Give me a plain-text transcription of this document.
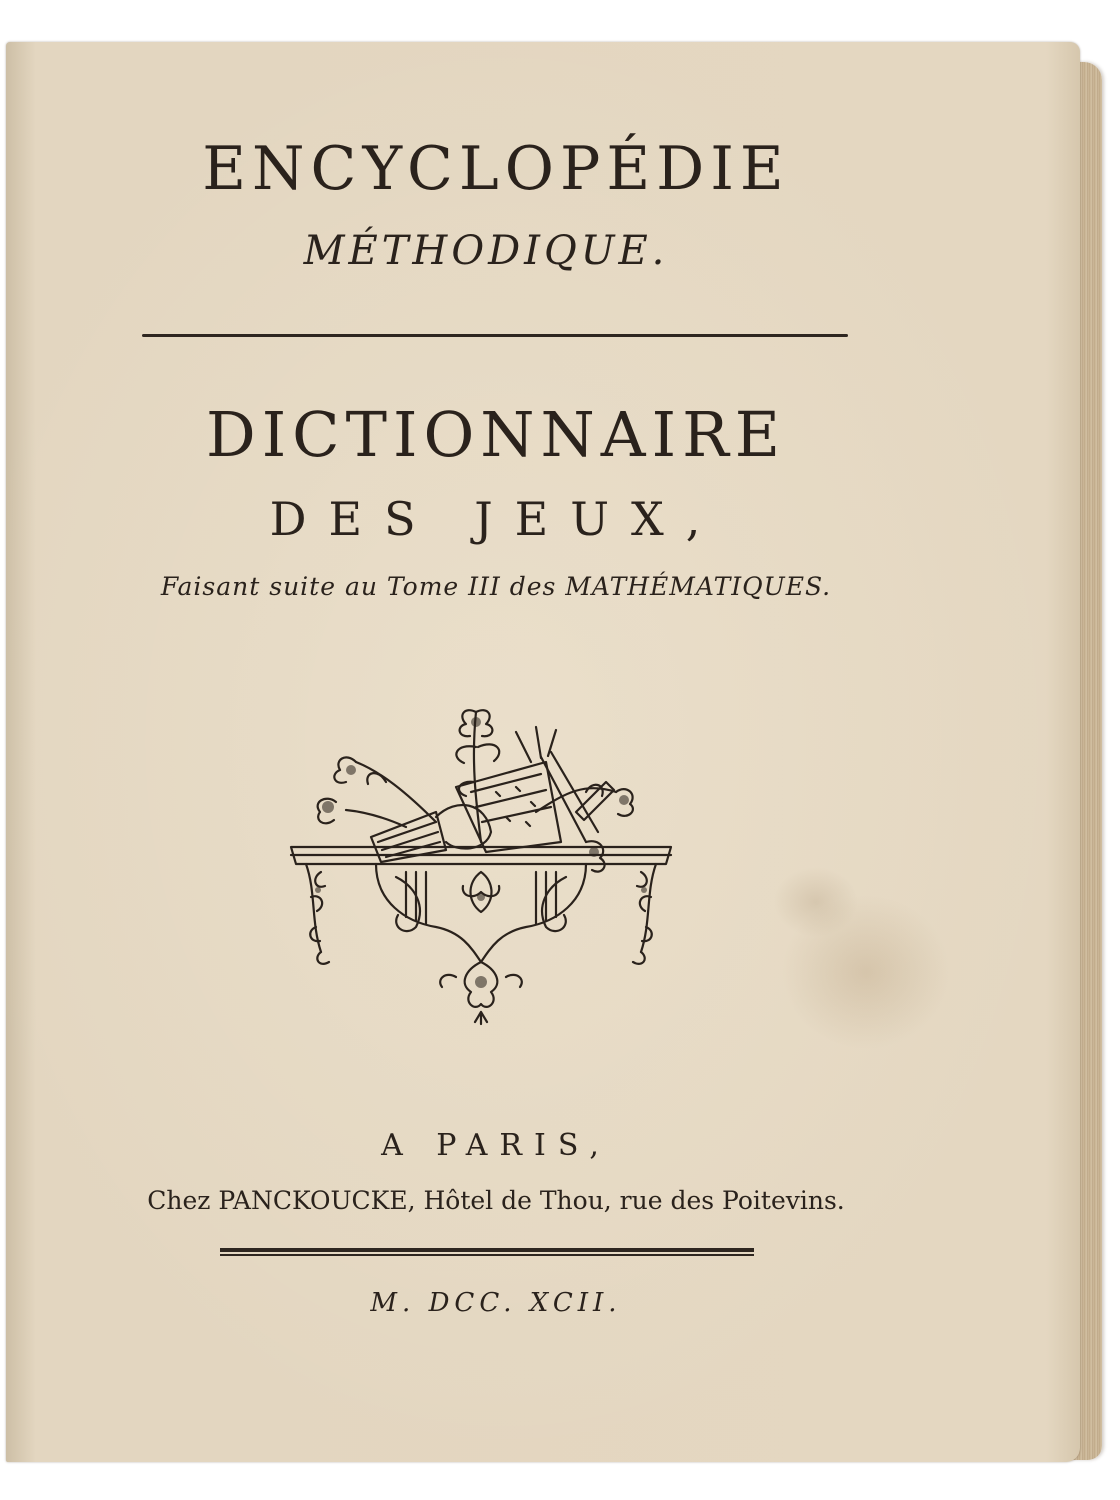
ENCYCLOPÉDIE
MÉTHODIQUE.
DICTIONNAIRE
DES JEUX,
Faisant suite au Tome III des MATHÉMATIQUES.
A PARIS,
Chez PANCKOUCKE, Hôtel de Thou, rue des Poitevins.
M. DCC. XCII.
